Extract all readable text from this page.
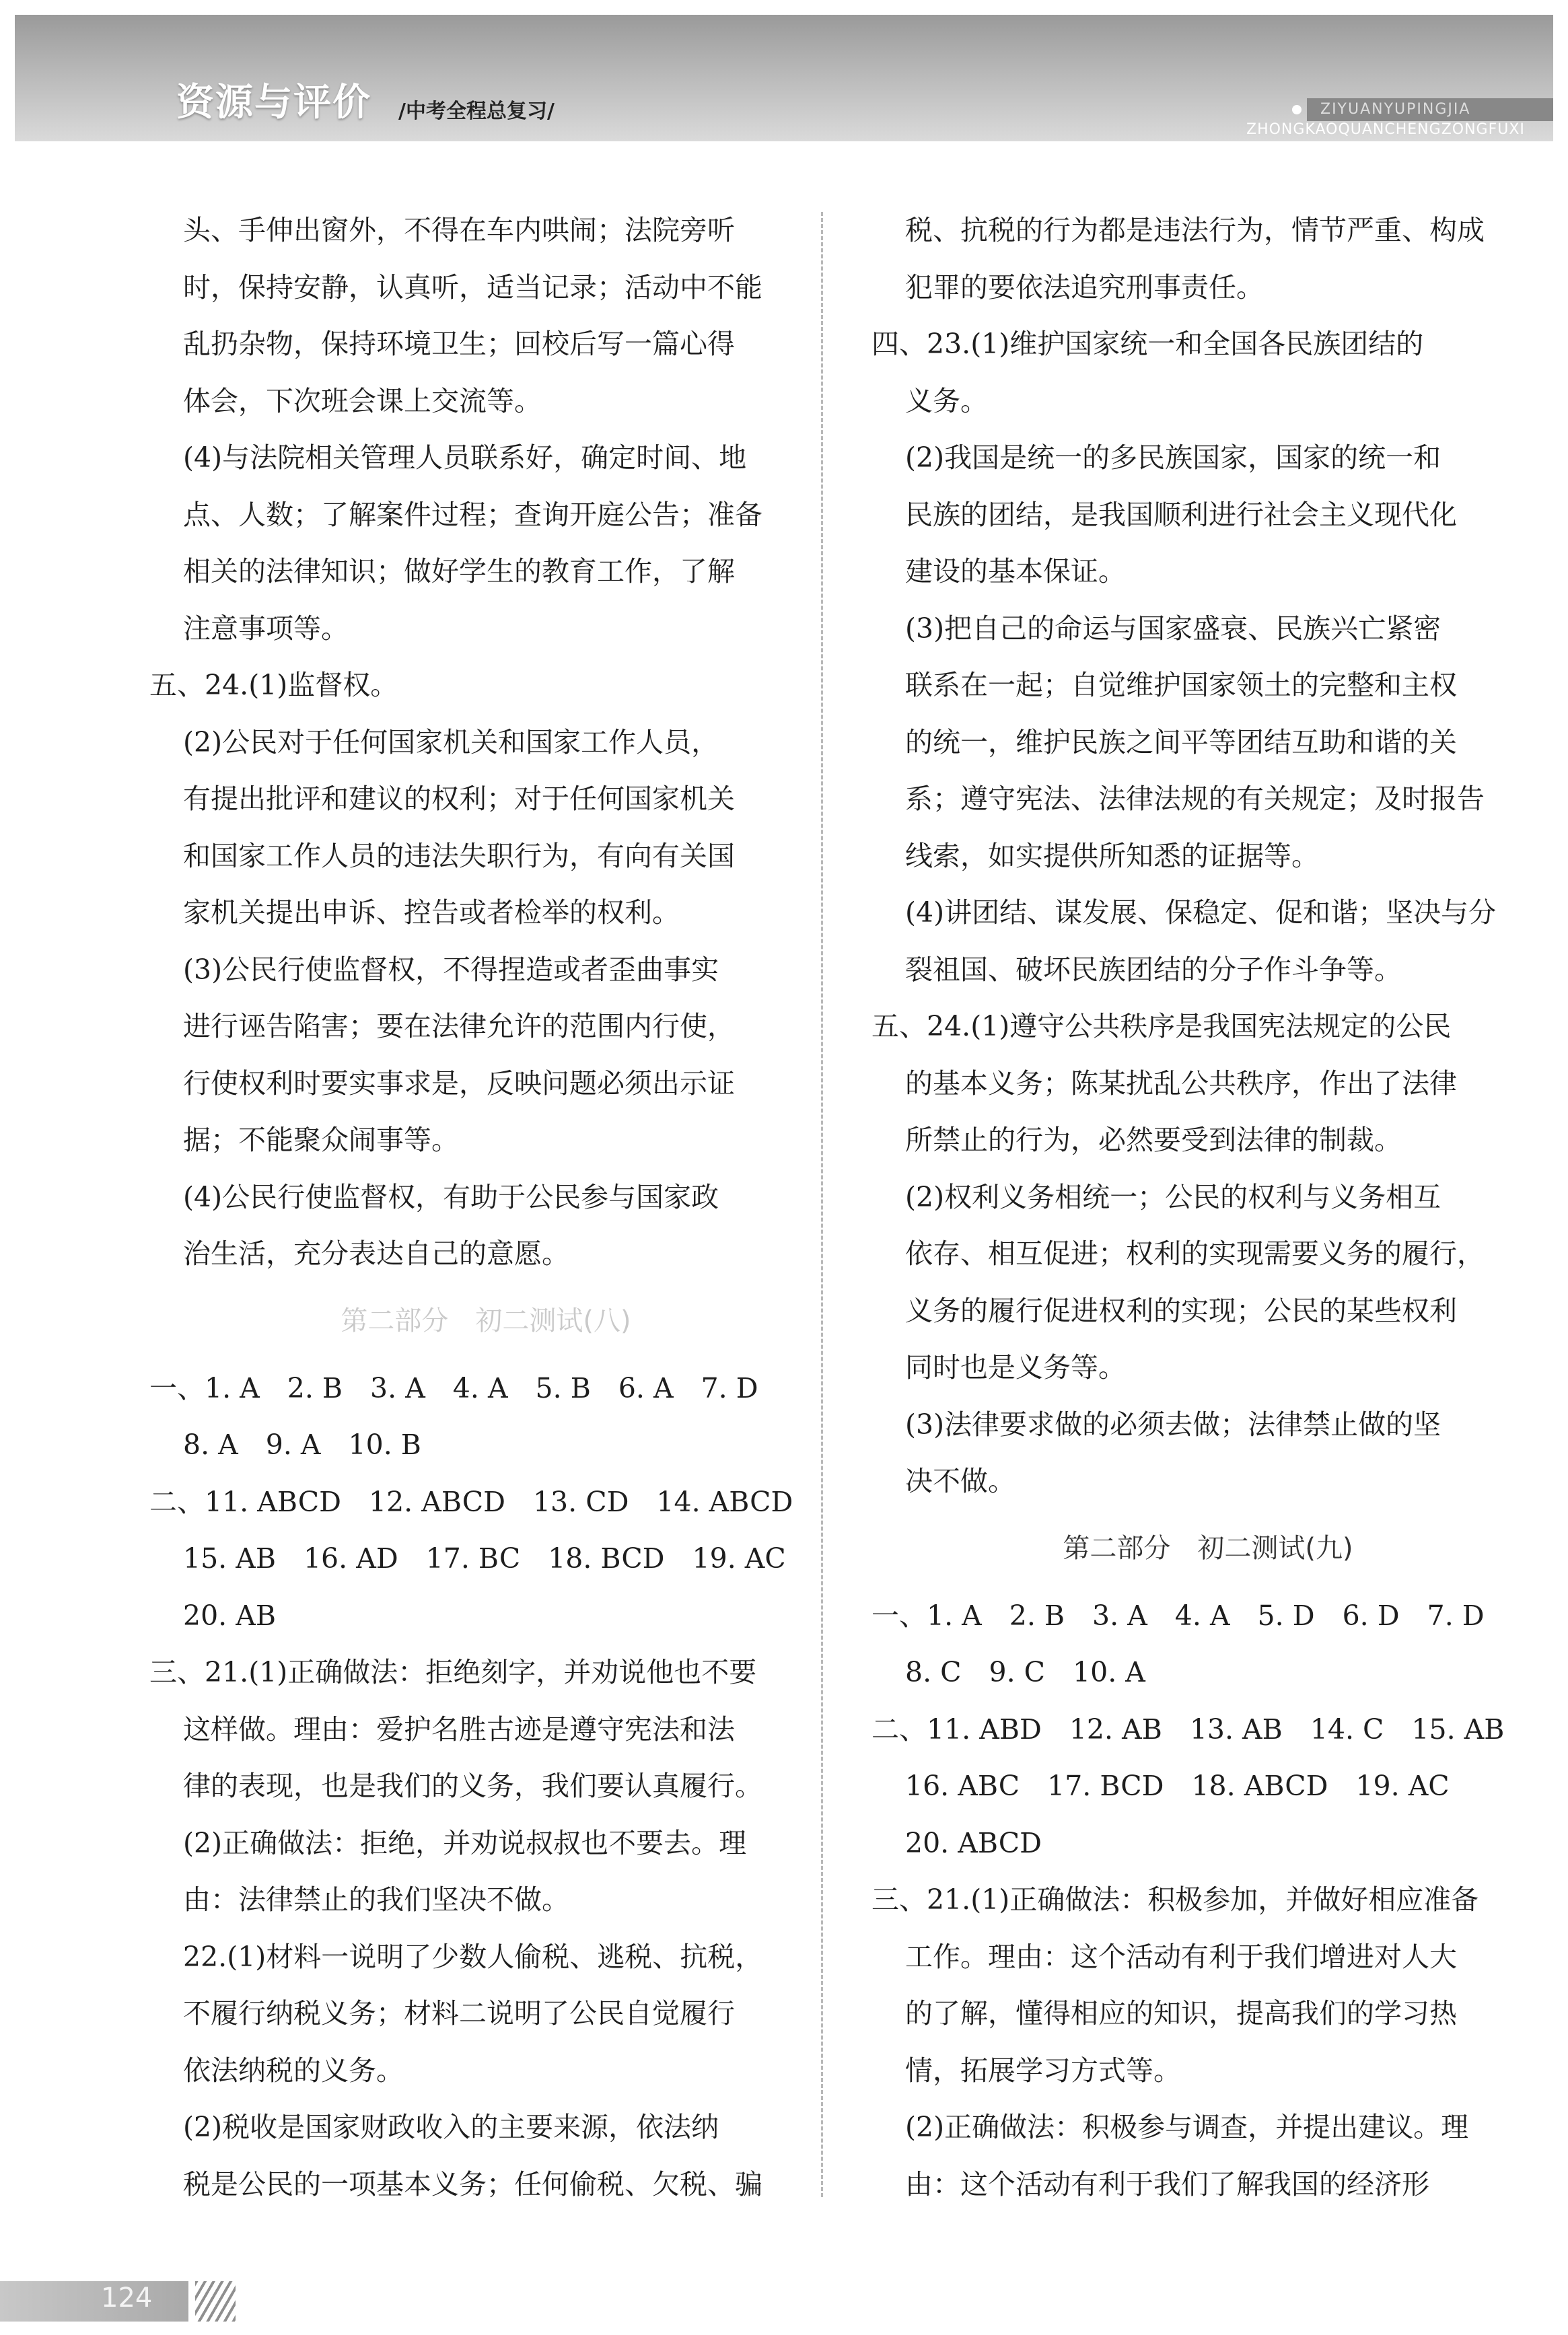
资源与评价 /中考全程总复习/	ZIYUANYUPINGJIA
ZHONGKAOQUANCHENGZONGFUXI
头、手伸出窗外，不得在车内哄闹；法院旁听
时，保持安静，认真听，适当记录；活动中不能
乱扔杂物，保持环境卫生；回校后写一篇心得
体会，下次班会课上交流等。
(4)与法院相关管理人员联系好，确定时间、地
点、人数；了解案件过程；查询开庭公告；准备
相关的法律知识；做好学生的教育工作，了解
注意事项等。
五、24.(1)监督权。
(2)公民对于任何国家机关和国家工作人员，
有提出批评和建议的权利；对于任何国家机关
和国家工作人员的违法失职行为，有向有关国
家机关提出申诉、控告或者检举的权利。
(3)公民行使监督权，不得捏造或者歪曲事实
进行诬告陷害；要在法律允许的范围内行使，
行使权利时要实事求是，反映问题必须出示证
据；不能聚众闹事等。
(4)公民行使监督权，有助于公民参与国家政
治生活，充分表达自己的意愿。
第二部分　初二测试(八)
一、1. A　2. B　3. A　4. A　5. B　6. A　7. D
8. A　9. A　10. B
二、11. ABCD　12. ABCD　13. CD　14. ABCD
15. AB　16. AD　17. BC　18. BCD　19. AC
20. AB
三、21.(1)正确做法：拒绝刻字，并劝说他也不要
这样做。理由：爱护名胜古迹是遵守宪法和法
律的表现，也是我们的义务，我们要认真履行。
(2)正确做法：拒绝，并劝说叔叔也不要去。理
由：法律禁止的我们坚决不做。
22.(1)材料一说明了少数人偷税、逃税、抗税，
不履行纳税义务；材料二说明了公民自觉履行
依法纳税的义务。
(2)税收是国家财政收入的主要来源，依法纳
税是公民的一项基本义务；任何偷税、欠税、骗
税、抗税的行为都是违法行为，情节严重、构成
犯罪的要依法追究刑事责任。
四、23.(1)维护国家统一和全国各民族团结的
义务。
(2)我国是统一的多民族国家，国家的统一和
民族的团结，是我国顺利进行社会主义现代化
建设的基本保证。
(3)把自己的命运与国家盛衰、民族兴亡紧密
联系在一起；自觉维护国家领土的完整和主权
的统一，维护民族之间平等团结互助和谐的关
系；遵守宪法、法律法规的有关规定；及时报告
线索，如实提供所知悉的证据等。
(4)讲团结、谋发展、保稳定、促和谐；坚决与分
裂祖国、破坏民族团结的分子作斗争等。
五、24.(1)遵守公共秩序是我国宪法规定的公民
的基本义务；陈某扰乱公共秩序，作出了法律
所禁止的行为，必然要受到法律的制裁。
(2)权利义务相统一；公民的权利与义务相互
依存、相互促进；权利的实现需要义务的履行，
义务的履行促进权利的实现；公民的某些权利
同时也是义务等。
(3)法律要求做的必须去做；法律禁止做的坚
决不做。
第二部分　初二测试(九)
一、1. A　2. B　3. A　4. A　5. D　6. D　7. D
8. C　9. C　10. A
二、11. ABD　12. AB　13. AB　14. C　15. AB
16. ABC　17. BCD　18. ABCD　19. AC
20. ABCD
三、21.(1)正确做法：积极参加，并做好相应准备
工作。理由：这个活动有利于我们增进对人大
的了解，懂得相应的知识，提高我们的学习热
情，拓展学习方式等。
(2)正确做法：积极参与调查，并提出建议。理
由：这个活动有利于我们了解我国的经济形
124
